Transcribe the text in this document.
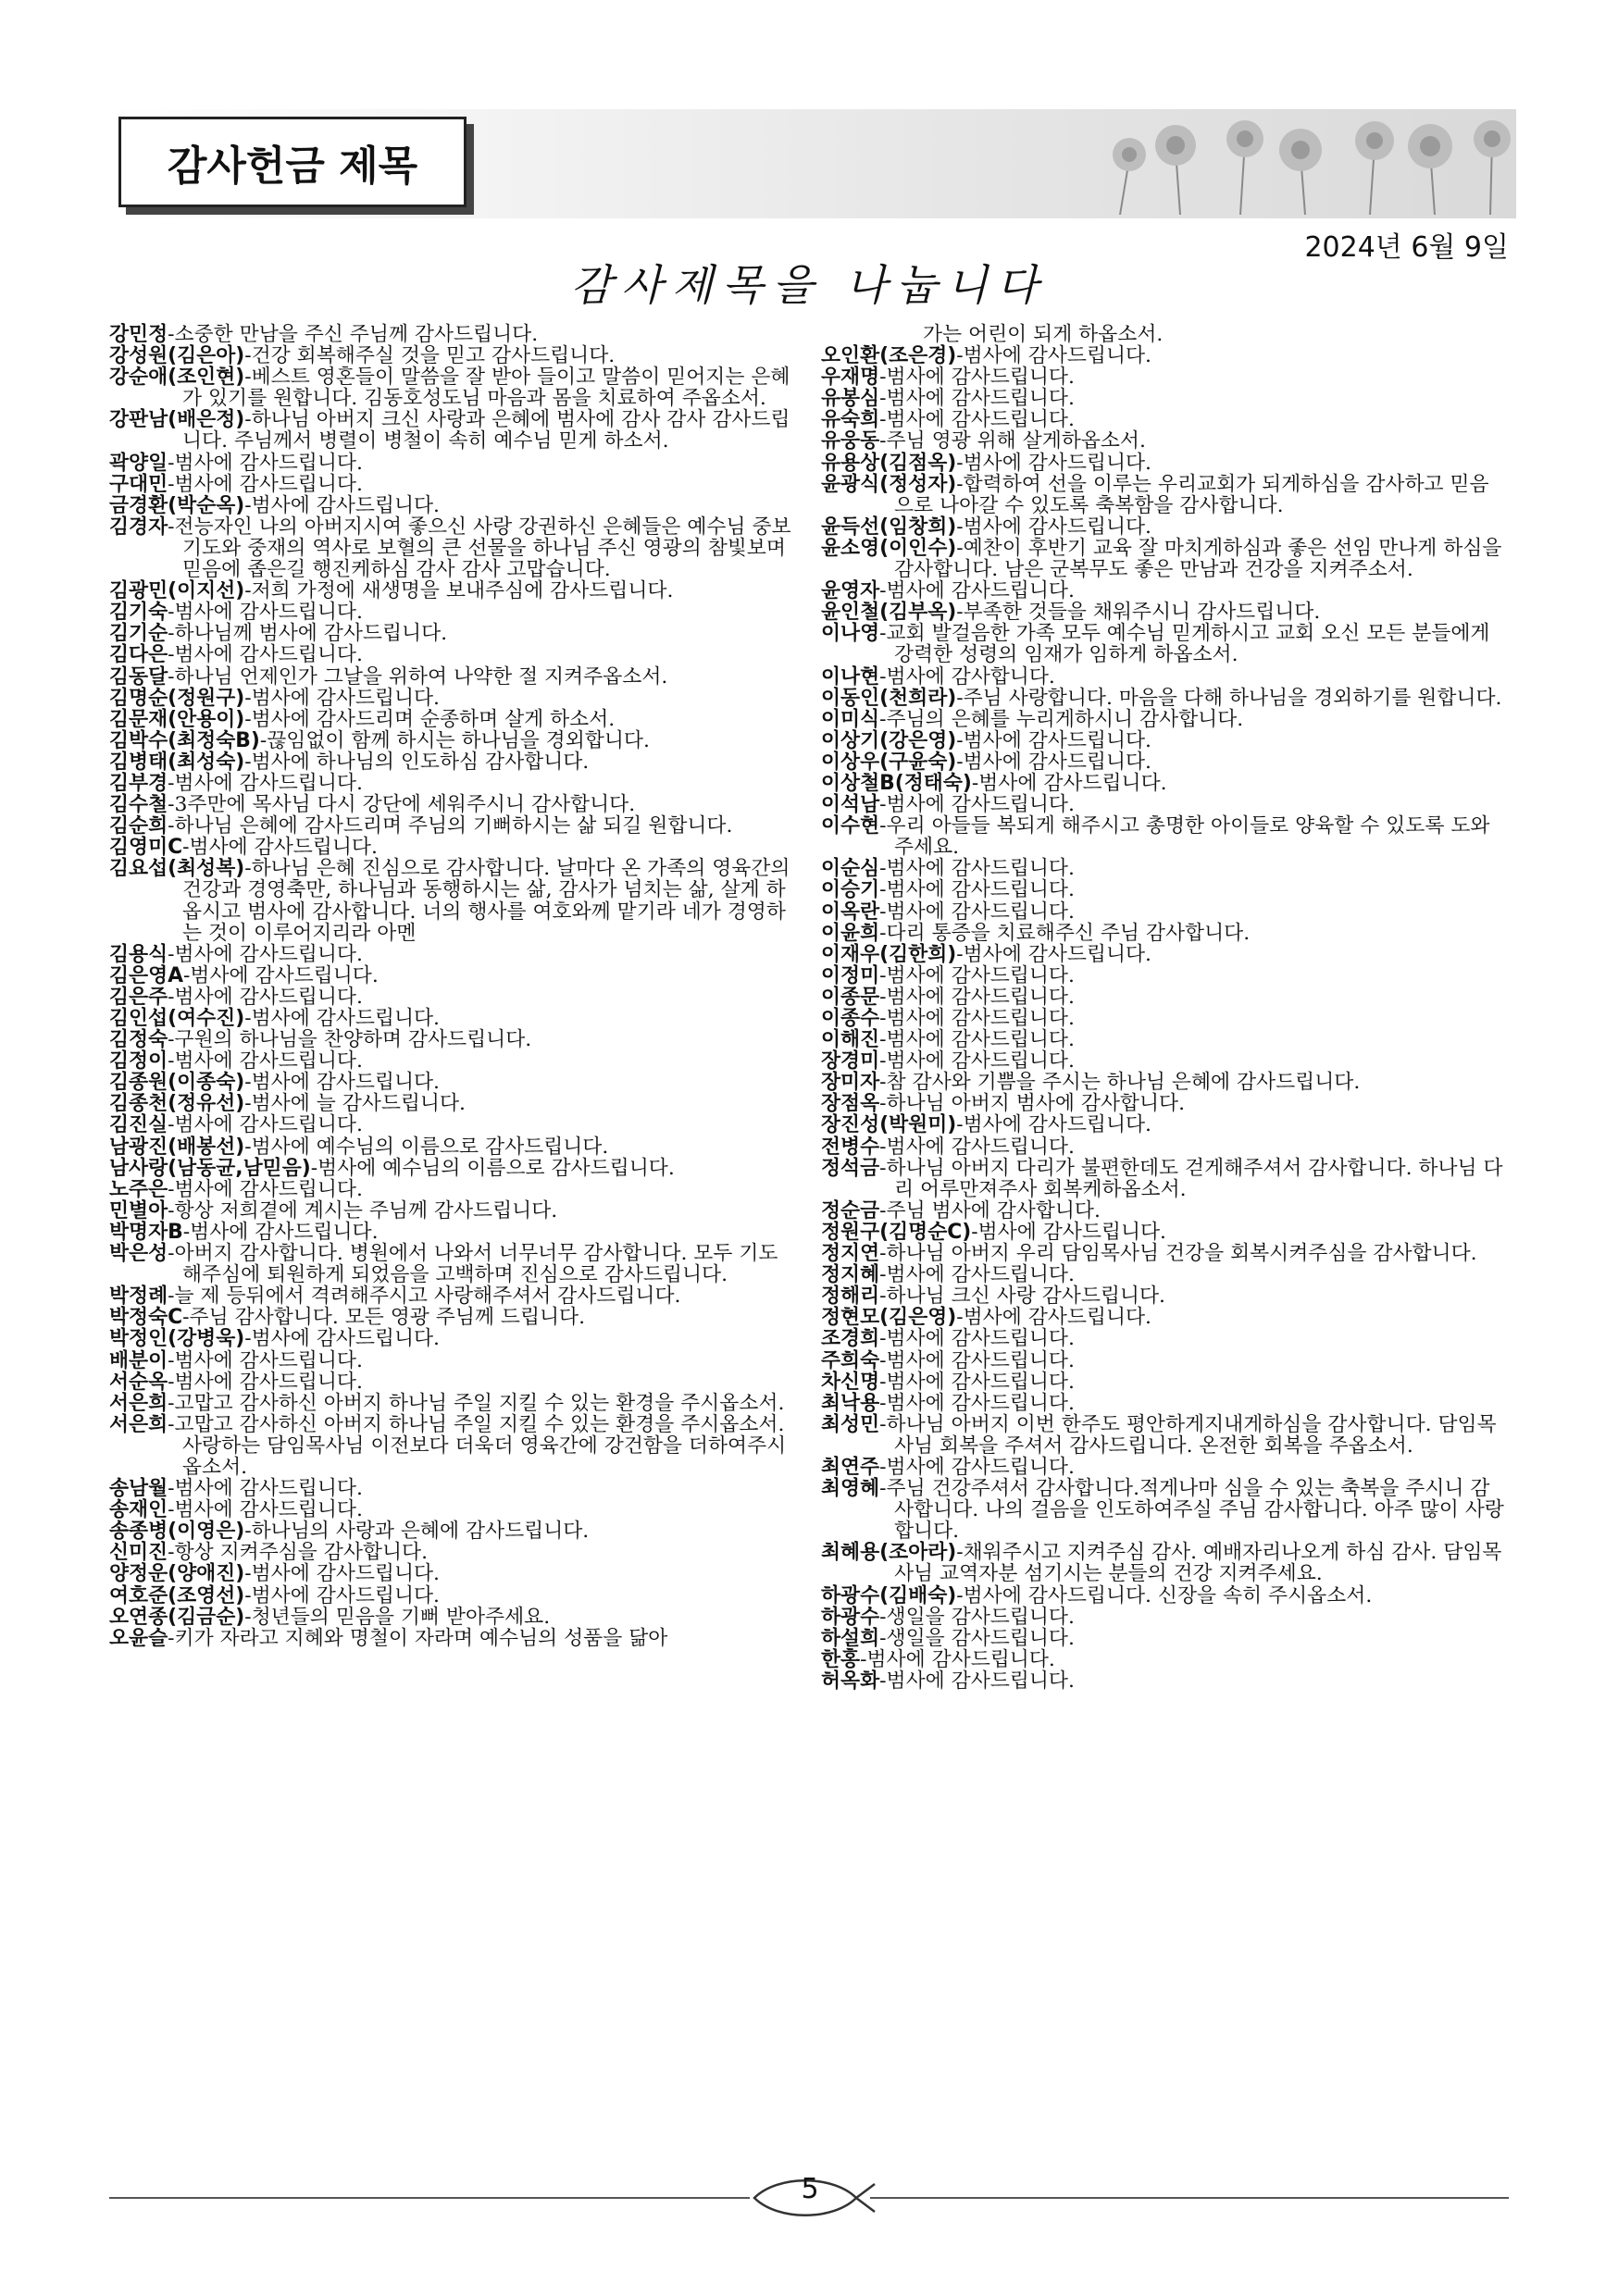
감사헌금 제목
2024년 6월 9일
감사제목을 나눕니다
강민정-소중한 만남을 주신 주님께 감사드립니다.
강성원(김은아)-건강 회복해주실 것을 믿고 감사드립니다.
강순애(조인현)-베스트 영혼들이 말씀을 잘 받아 들이고 말씀이 믿어지는 은혜가 있기를 원합니다. 김동호성도님 마음과 몸을 치료하여 주옵소서.
강판남(배은정)-하나님 아버지 크신 사랑과 은혜에 범사에 감사 감사 감사드립니다. 주님께서 병렬이 병철이 속히 예수님 믿게 하소서.
곽양일-범사에 감사드립니다.
구대민-범사에 감사드립니다.
금경환(박순옥)-범사에 감사드립니다.
김경자-전능자인 나의 아버지시여 좋으신 사랑 강권하신 은혜들은 예수님 중보기도와 중재의 역사로 보혈의 큰 선물을 하나님 주신 영광의 참빛보며 믿음에 좁은길 행진케하심 감사 감사 고맙습니다.
김광민(이지선)-저희 가정에 새생명을 보내주심에 감사드립니다.
김기숙-범사에 감사드립니다.
김기순-하나님께 범사에 감사드립니다.
김다은-범사에 감사드립니다.
김동달-하나님 언제인가 그날을 위하여 나약한 절 지켜주옵소서.
김명순(정원구)-범사에 감사드립니다.
김문재(안용이)-범사에 감사드리며 순종하며 살게 하소서.
김박수(최정숙B)-끊임없이 함께 하시는 하나님을 경외합니다.
김병태(최성숙)-범사에 하나님의 인도하심 감사합니다.
김부경-범사에 감사드립니다.
김수철-3주만에 목사님 다시 강단에 세워주시니 감사합니다.
김순희-하나님 은혜에 감사드리며 주님의 기뻐하시는 삶 되길 원합니다.
김영미C-범사에 감사드립니다.
김요섭(최성복)-하나님 은혜 진심으로 감사합니다. 날마다 온 가족의 영육간의 건강과 경영축만, 하나님과 동행하시는 삶, 감사가 넘치는 삶, 살게 하옵시고 범사에 감사합니다. 너의 행사를 여호와께 맡기라 네가 경영하는 것이 이루어지리라 아멘
김용식-범사에 감사드립니다.
김은영A-범사에 감사드립니다.
김은주-범사에 감사드립니다.
김인섭(여수진)-범사에 감사드립니다.
김정숙-구원의 하나님을 찬양하며 감사드립니다.
김정이-범사에 감사드립니다.
김종원(이종숙)-범사에 감사드립니다.
김종천(정유선)-범사에 늘 감사드립니다.
김진실-범사에 감사드립니다.
남광진(배봉선)-범사에 예수님의 이름으로 감사드립니다.
남사랑(남동균,남믿음)-범사에 예수님의 이름으로 감사드립니다.
노주은-범사에 감사드립니다.
민별아-항상 저희곁에 계시는 주님께 감사드립니다.
박명자B-범사에 감사드립니다.
박은성-아버지 감사합니다. 병원에서 나와서 너무너무 감사합니다. 모두 기도 해주심에 퇴원하게 되었음을 고백하며 진심으로 감사드립니다.
박정례-늘 제 등뒤에서 격려해주시고 사랑해주셔서 감사드립니다.
박정숙C-주님 감사합니다. 모든 영광 주님께 드립니다.
박정인(강병욱)-범사에 감사드립니다.
배분이-범사에 감사드립니다.
서순옥-범사에 감사드립니다.
서은희-고맙고 감사하신 아버지 하나님 주일 지킬 수 있는 환경을 주시옵소서.
서은희-고맙고 감사하신 아버지 하나님 주일 지킬 수 있는 환경을 주시옵소서. 사랑하는 담임목사님 이전보다 더욱더 영육간에 강건함을 더하여주시옵소서.
송남월-범사에 감사드립니다.
송재인-범사에 감사드립니다.
송종병(이영은)-하나님의 사랑과 은혜에 감사드립니다.
신미진-항상 지켜주심을 감사합니다.
양정운(양애진)-범사에 감사드립니다.
여호준(조영선)-범사에 감사드립니다.
오연종(김금순)-청년들의 믿음을 기뻐 받아주세요.
오윤슬-키가 자라고 지혜와 명철이 자라며 예수님의 성품을 닮아
가는 어린이 되게 하옵소서.
오인환(조은경)-범사에 감사드립니다.
우재명-범사에 감사드립니다.
유봉심-범사에 감사드립니다.
유숙희-범사에 감사드립니다.
유웅동-주님 영광 위해 살게하옵소서.
유용상(김점옥)-범사에 감사드립니다.
윤광식(정성자)-합력하여 선을 이루는 우리교회가 되게하심을 감사하고 믿음으로 나아갈 수 있도록 축복함을 감사합니다.
윤득선(임창희)-범사에 감사드립니다.
윤소영(이인수)-예찬이 후반기 교육 잘 마치게하심과 좋은 선임 만나게 하심을 감사합니다. 남은 군복무도 좋은 만남과 건강을 지켜주소서.
윤영자-범사에 감사드립니다.
윤인철(김부옥)-부족한 것들을 채워주시니 감사드립니다.
이나영-교회 발걸음한 가족 모두 예수님 믿게하시고 교회 오신 모든 분들에게 강력한 성령의 임재가 임하게 하옵소서.
이나현-범사에 감사합니다.
이동인(천희라)-주님 사랑합니다. 마음을 다해 하나님을 경외하기를 원합니다.
이미식-주님의 은혜를 누리게하시니 감사합니다.
이상기(강은영)-범사에 감사드립니다.
이상우(구윤숙)-범사에 감사드립니다.
이상철B(정태숙)-범사에 감사드립니다.
이석남-범사에 감사드립니다.
이수현-우리 아들들 복되게 해주시고 총명한 아이들로 양육할 수 있도록 도와주세요.
이순심-범사에 감사드립니다.
이승기-범사에 감사드립니다.
이옥란-범사에 감사드립니다.
이윤희-다리 통증을 치료해주신 주님 감사합니다.
이재우(김한희)-범사에 감사드립니다.
이정미-범사에 감사드립니다.
이종문-범사에 감사드립니다.
이종수-범사에 감사드립니다.
이해진-범사에 감사드립니다.
장경미-범사에 감사드립니다.
장미자-참 감사와 기쁨을 주시는 하나님 은혜에 감사드립니다.
장점옥-하나님 아버지 범사에 감사합니다.
장진성(박원미)-범사에 감사드립니다.
전병수-범사에 감사드립니다.
정석금-하나님 아버지 다리가 불편한데도 걷게해주셔서 감사합니다. 하나님 다리 어루만져주사 회복케하옵소서.
정순금-주님 범사에 감사합니다.
정원구(김명순C)-범사에 감사드립니다.
정지연-하나님 아버지 우리 담임목사님 건강을 회복시켜주심을 감사합니다.
정지혜-범사에 감사드립니다.
정해리-하나님 크신 사랑 감사드립니다.
정현모(김은영)-범사에 감사드립니다.
조경희-범사에 감사드립니다.
주희숙-범사에 감사드립니다.
차신명-범사에 감사드립니다.
최낙용-범사에 감사드립니다.
최성민-하나님 아버지 이번 한주도 평안하게지내게하심을 감사합니다. 담임목사님 회복을 주셔서 감사드립니다. 온전한 회복을 주옵소서.
최연주-범사에 감사드립니다.
최영혜-주님 건강주셔서 감사합니다.적게나마 심을 수 있는 축복을 주시니 감사합니다. 나의 걸음을 인도하여주실 주님 감사합니다. 아주 많이 사랑합니다.
최혜용(조아라)-채워주시고 지켜주심 감사. 예배자리나오게 하심 감사. 담임목사님 교역자분 섬기시는 분들의 건강 지켜주세요.
하광수(김배숙)-범사에 감사드립니다. 신장을 속히 주시옵소서.
하광수-생일을 감사드립니다.
하설희-생일을 감사드립니다.
한홍-범사에 감사드립니다.
허옥화-범사에 감사드립니다.
5
